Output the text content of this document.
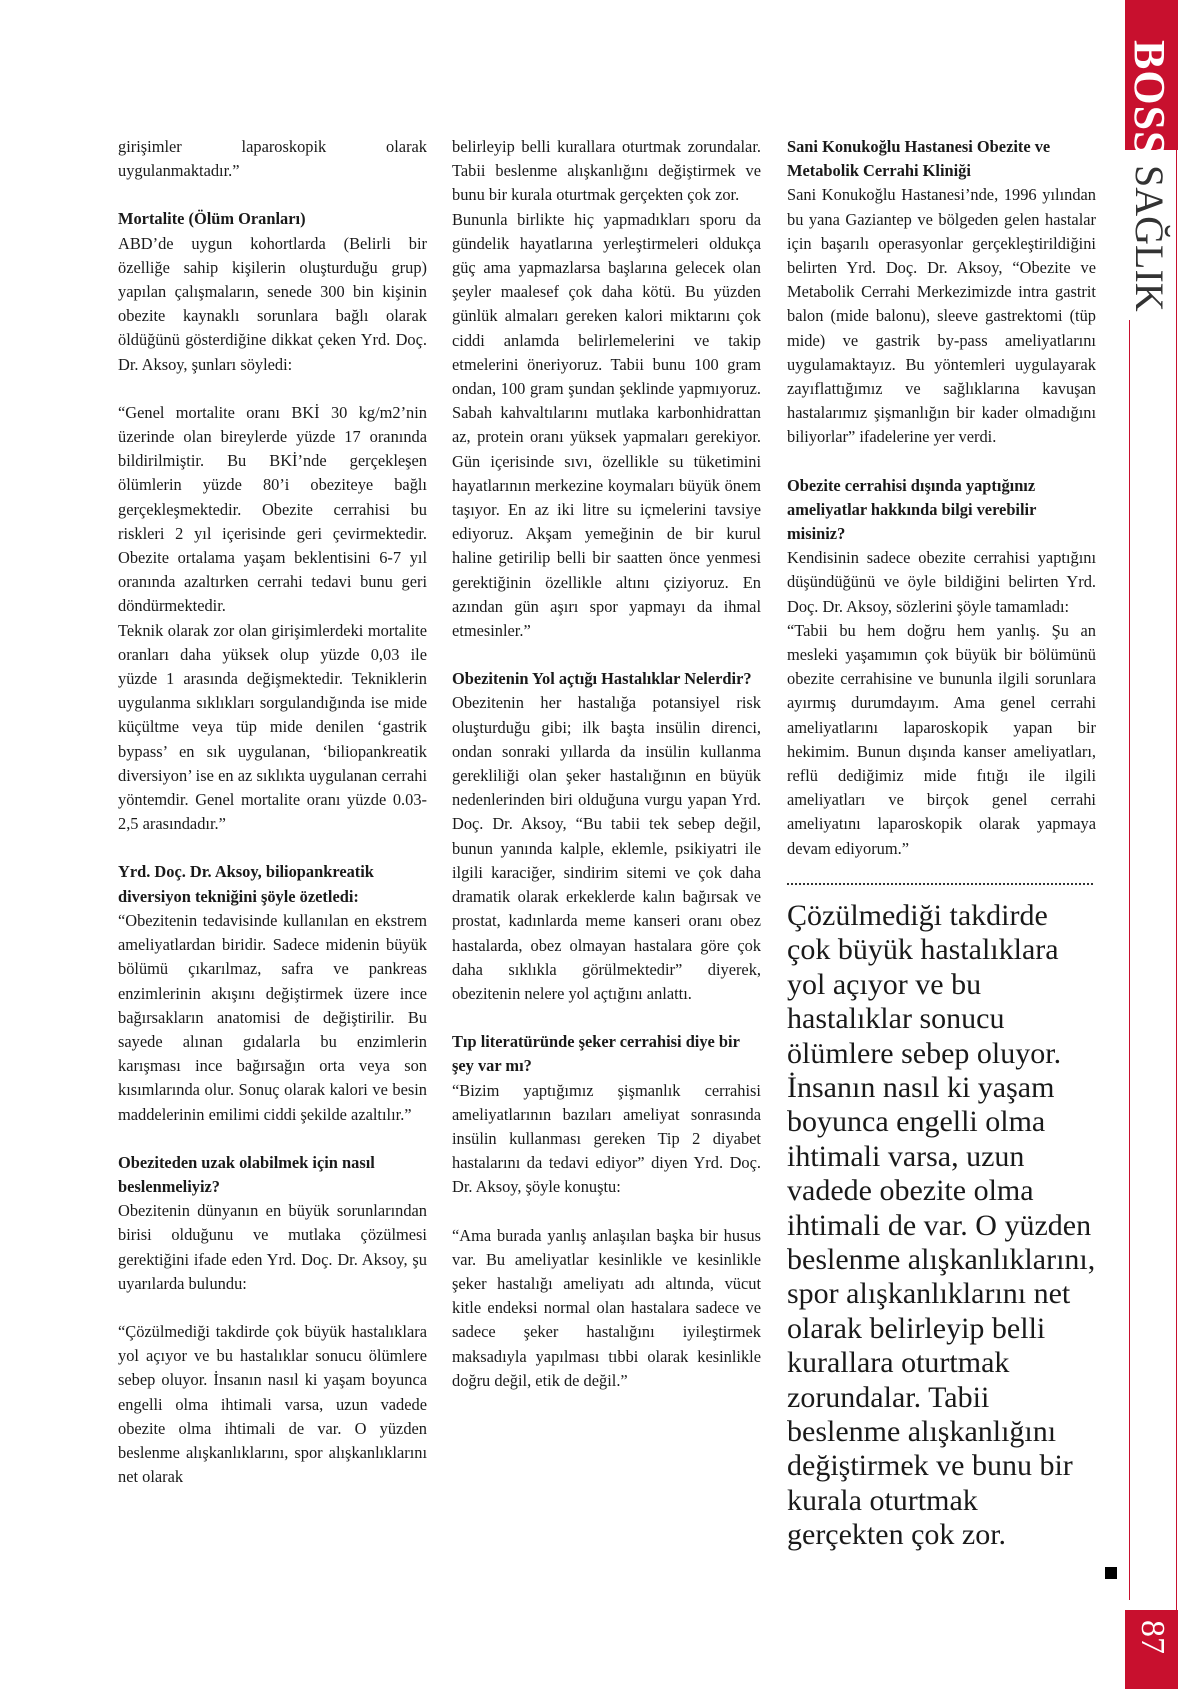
BOSS
SAĞLIK
87

girişimler laparoskopik olarak uygulanmaktadır.”

Mortalite (Ölüm Oranları)

ABD’de uygun kohortlarda (Belirli bir özelliğe sahip kişilerin oluşturduğu grup) yapılan çalışmaların, senede 300 bin kişinin obezite kaynaklı sorunlara bağlı olarak öldüğünü gösterdiğine dikkat çeken Yrd. Doç. Dr. Aksoy, şunları söyledi:

“Genel mortalite oranı BKİ 30 kg/m2’nin üzerinde olan bireylerde yüzde 17 oranında bildirilmiştir. Bu BKİ’nde gerçekleşen ölümlerin yüzde 80’i obeziteye bağlı gerçekleşmektedir. Obezite cerrahisi bu riskleri 2 yıl içerisinde geri çevirmektedir. Obezite ortalama yaşam beklentisini 6-7 yıl oranında azaltırken cerrahi tedavi bunu geri döndürmektedir.

Teknik olarak zor olan girişimlerdeki mortalite oranları daha yüksek olup yüzde 0,03 ile yüzde 1 arasında değişmektedir. Tekniklerin uygulanma sıklıkları sorgulandığında ise mide küçültme veya tüp mide denilen ‘gastrik bypass’ en sık uygulanan, ‘biliopankreatik diversiyon’ ise en az sıklıkta uygulanan cerrahi yöntemdir. Genel mortalite oranı yüzde 0.03-2,5 arasındadır.”

Yrd. Doç. Dr. Aksoy, biliopankreatik diversiyon tekniğini şöyle özetledi:

“Obezitenin tedavisinde kullanılan en ekstrem ameliyatlardan biridir. Sadece midenin büyük bölümü çıkarılmaz, safra ve pankreas enzimlerinin akışını değiştirmek üzere ince bağırsakların anatomisi de değiştirilir. Bu sayede alınan gıdalarla bu enzimlerin karışması ince bağırsağın orta veya son kısımlarında olur. Sonuç olarak kalori ve besin maddelerinin emilimi ciddi şekilde azaltılır.”

Obeziteden uzak olabilmek için nasıl beslenmeliyiz?

Obezitenin dünyanın en büyük sorunlarından birisi olduğunu ve mutlaka çözülmesi gerektiğini ifade eden Yrd. Doç. Dr. Aksoy, şu uyarılarda bulundu:

“Çözülmediği takdirde çok büyük hastalıklara yol açıyor ve bu hastalıklar sonucu ölümlere sebep oluyor. İnsanın nasıl ki yaşam boyunca engelli olma ihtimali varsa, uzun vadede obezite olma ihtimali de var. O yüzden beslenme alışkanlıklarını, spor alışkanlıklarını net olarak

belirleyip belli kurallara oturtmak zorundalar. Tabii beslenme alışkanlığını değiştirmek ve bunu bir kurala oturtmak gerçekten çok zor.

Bununla birlikte hiç yapmadıkları sporu da gündelik hayatlarına yerleştirmeleri oldukça güç ama yapmazlarsa başlarına gelecek olan şeyler maalesef çok daha kötü. Bu yüzden günlük almaları gereken kalori miktarını çok ciddi anlamda belirlemelerini ve takip etmelerini öneriyoruz. Tabii bunu 100 gram ondan, 100 gram şundan şeklinde yapmıyoruz. Sabah kahvaltılarını mutlaka karbonhidrattan az, protein oranı yüksek yapmaları gerekiyor. Gün içerisinde sıvı, özellikle su tüketimini hayatlarının merkezine koymaları büyük önem taşıyor. En az iki litre su içmelerini tavsiye ediyoruz. Akşam yemeğinin de bir kurul haline getirilip belli bir saatten önce yenmesi gerektiğinin özellikle altını çiziyoruz. En azından gün aşırı spor yapmayı da ihmal etmesinler.”

Obezitenin Yol açtığı Hastalıklar Nelerdir?

Obezitenin her hastalığa potansiyel risk oluşturduğu gibi; ilk başta insülin direnci, ondan sonraki yıllarda da insülin kullanma gerekliliği olan şeker hastalığının en büyük nedenlerinden biri olduğuna vurgu yapan Yrd. Doç. Dr. Aksoy, “Bu tabii tek sebep değil, bunun yanında kalple, eklemle, psikiyatri ile ilgili karaciğer, sindirim sitemi ve çok daha dramatik olarak erkeklerde kalın bağırsak ve prostat, kadınlarda meme kanseri oranı obez hastalarda, obez olmayan hastalara göre çok daha sıklıkla görülmektedir” diyerek, obezitenin nelere yol açtığını anlattı.

Tıp literatüründe şeker cerrahisi diye bir şey var mı?

“Bizim yaptığımız şişmanlık cerrahisi ameliyatlarının bazıları ameliyat sonrasında insülin kullanması gereken Tip 2 diyabet hastalarını da tedavi ediyor” diyen Yrd. Doç. Dr. Aksoy, şöyle konuştu:

“Ama burada yanlış anlaşılan başka bir husus var. Bu ameliyatlar kesinlikle ve kesinlikle şeker hastalığı ameliyatı adı altında, vücut kitle endeksi normal olan hastalara sadece ve sadece şeker hastalığını iyileştirmek maksadıyla yapılması tıbbi olarak kesinlikle doğru değil, etik de değil.”

Sani Konukoğlu Hastanesi Obezite ve Metabolik Cerrahi Kliniği

Sani Konukoğlu Hastanesi’nde, 1996 yılından bu yana Gaziantep ve bölgeden gelen hastalar için başarılı operasyonlar gerçekleştirildiğini belirten Yrd. Doç. Dr. Aksoy, “Obezite ve Metabolik Cerrahi Merkezimizde intra gastrit balon (mide balonu), sleeve gastrektomi (tüp mide) ve gastrik by-pass ameliyatlarını uygulamaktayız. Bu yöntemleri uygulayarak zayıflattığımız ve sağlıklarına kavuşan hastalarımız şişmanlığın bir kader olmadığını biliyorlar” ifadelerine yer verdi.

Obezite cerrahisi dışında yaptığınız ameliyatlar hakkında bilgi verebilir misiniz?

Kendisinin sadece obezite cerrahisi yaptığını düşündüğünü ve öyle bildiğini belirten Yrd. Doç. Dr. Aksoy, sözlerini şöyle tamamladı:

“Tabii bu hem doğru hem yanlış. Şu an mesleki yaşamımın çok büyük bir bölümünü obezite cerrahisine ve bununla ilgili sorunlara ayırmış durumdayım. Ama genel cerrahi ameliyatlarını laparoskopik yapan bir hekimim. Bunun dışında kanser ameliyatları, reflü dediğimiz mide fıtığı ile ilgili ameliyatları ve birçok genel cerrahi ameliyatını laparoskopik olarak yapmaya devam ediyorum.”

Çözülmediği takdirde çok büyük hastalıklara yol açıyor ve bu hastalıklar sonucu ölümlere sebep oluyor. İnsanın nasıl ki yaşam boyunca engelli olma ihtimali varsa, uzun vadede obezite olma ihtimali de var. O yüzden beslenme alışkanlıklarını, spor alışkanlıklarını net olarak belirleyip belli kurallara oturtmak zorundalar. Tabii beslenme alışkanlığını değiştirmek ve bunu bir kurala oturtmak gerçekten çok zor.
